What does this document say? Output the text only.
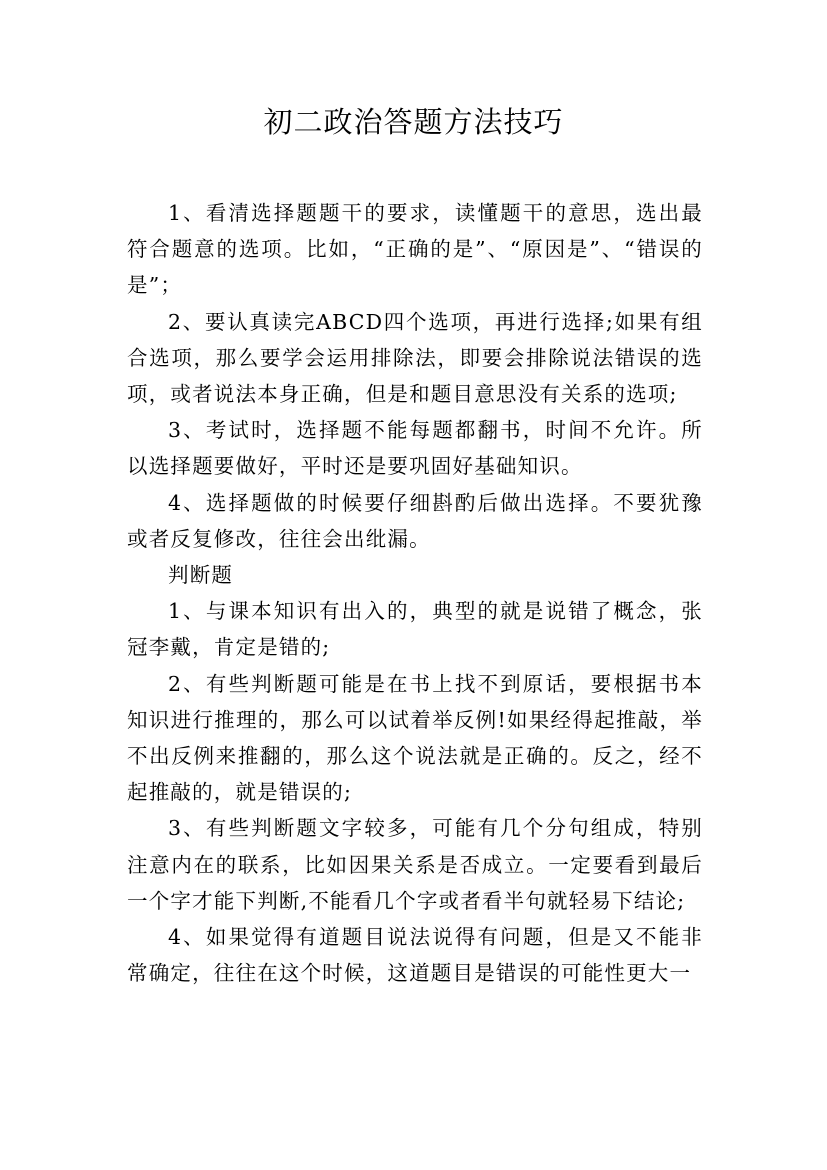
初二政治答题方法技巧

1、看清选择题题干的要求，读懂题干的意思，选出最符合题意的选项。比如，“正确的是”、“原因是”、“错误的是”；

2、要认真读完ABCD四个选项，再进行选择;如果有组合选项，那么要学会运用排除法，即要会排除说法错误的选项，或者说法本身正确，但是和题目意思没有关系的选项;

3、考试时，选择题不能每题都翻书，时间不允许。所以选择题要做好，平时还是要巩固好基础知识。

4、选择题做的时候要仔细斟酌后做出选择。不要犹豫或者反复修改，往往会出纰漏。

判断题

1、与课本知识有出入的，典型的就是说错了概念，张冠李戴，肯定是错的;

2、有些判断题可能是在书上找不到原话，要根据书本知识进行推理的，那么可以试着举反例!如果经得起推敲，举不出反例来推翻的，那么这个说法就是正确的。反之，经不起推敲的，就是错误的;

3、有些判断题文字较多，可能有几个分句组成，特别注意内在的联系，比如因果关系是否成立。一定要看到最后一个字才能下判断,不能看几个字或者看半句就轻易下结论;

4、如果觉得有道题目说法说得有问题，但是又不能非常确定，往往在这个时候，这道题目是错误的可能性更大一
